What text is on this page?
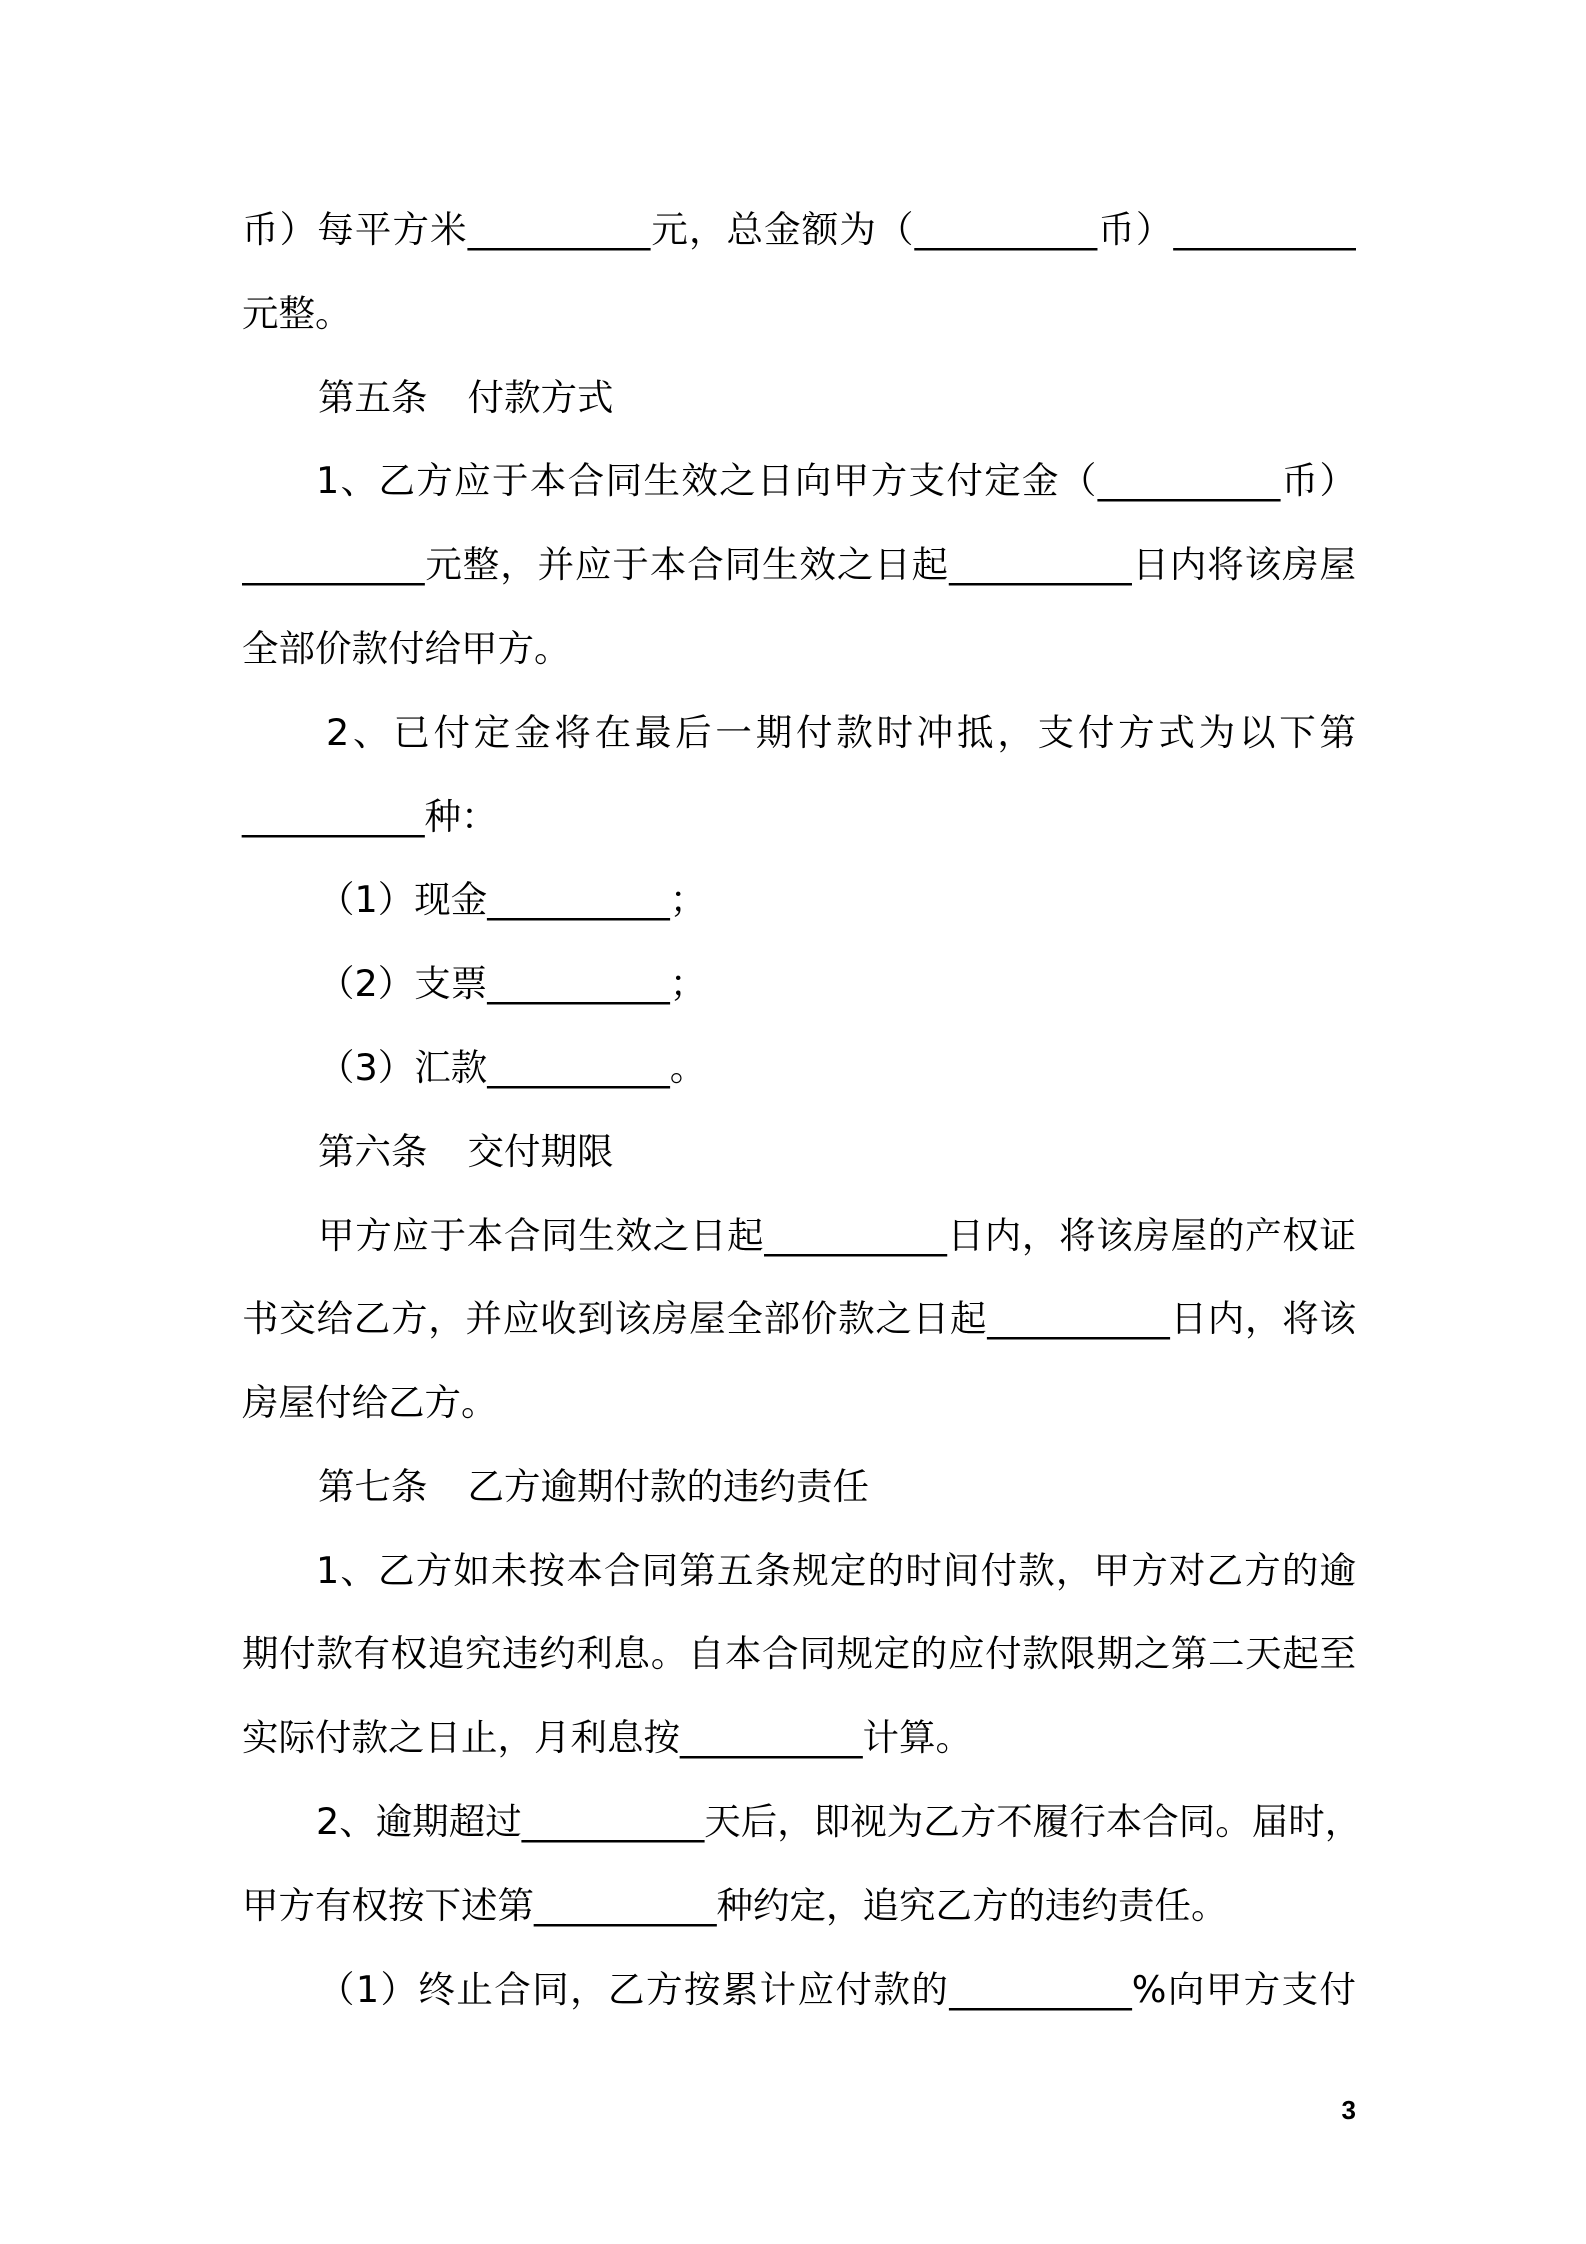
币）每平方米__________元，总金额为（__________币）__________
元整。
第五条 付款方式
1、乙方应于本合同生效之日向甲方支付定金（__________币）
__________元整，并应于本合同生效之日起__________日内将该房屋
全部价款付给甲方。
2、已付定金将在最后一期付款时冲抵，支付方式为以下第
__________种：
（1）现金__________；
（2）支票__________；
（3）汇款__________。
第六条 交付期限
甲方应于本合同生效之日起__________日内，将该房屋的产权证
书交给乙方，并应收到该房屋全部价款之日起__________日内，将该
房屋付给乙方。
第七条 乙方逾期付款的违约责任
1、乙方如未按本合同第五条规定的时间付款，甲方对乙方的逾
期付款有权追究违约利息。自本合同规定的应付款限期之第二天起至
实际付款之日止，月利息按__________计算。
2、逾期超过__________天后，即视为乙方不履行本合同。届时，
甲方有权按下述第__________种约定，追究乙方的违约责任。
（1）终止合同，乙方按累计应付款的__________%向甲方支付
3
